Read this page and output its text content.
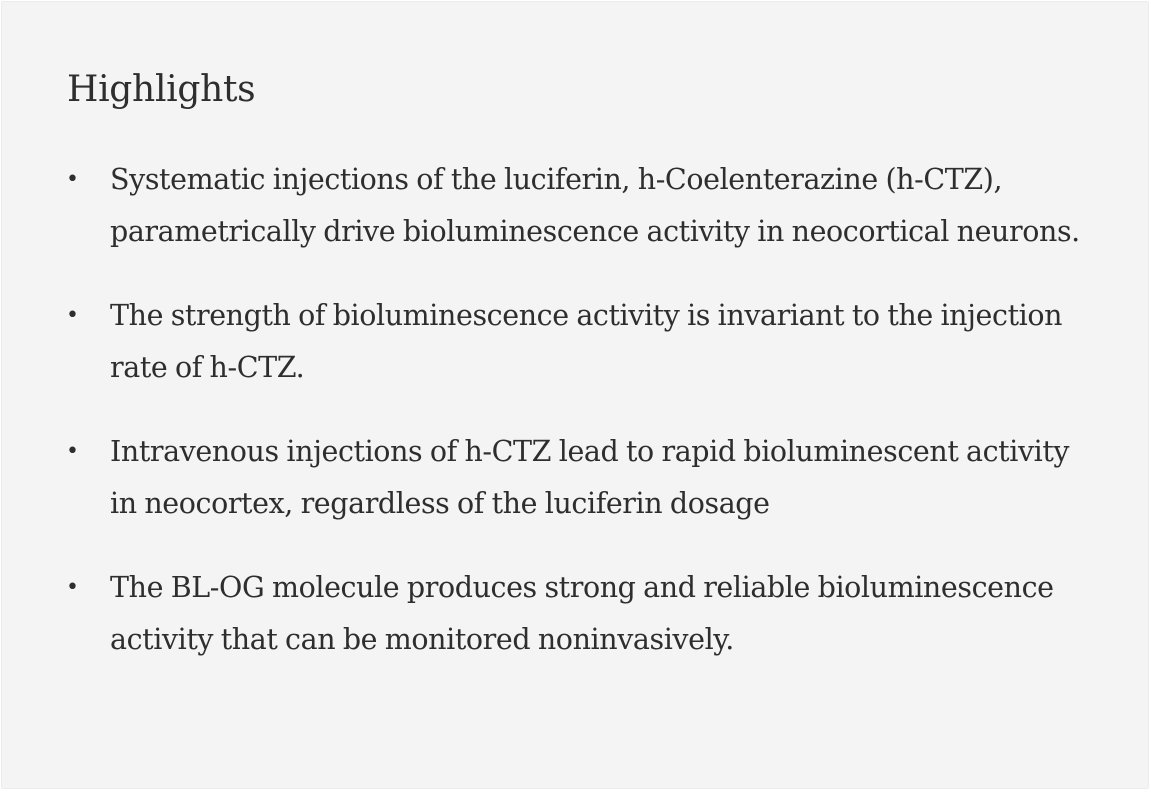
Highlights
• Systematic injections of the luciferin, h-Coelenterazine (h-CTZ), parametrically drive bioluminescence activity in neocortical neurons.
• The strength of bioluminescence activity is invariant to the injection rate of h-CTZ.
• Intravenous injections of h-CTZ lead to rapid bioluminescent activity in neocortex, regardless of the luciferin dosage
• The BL-OG molecule produces strong and reliable bioluminescence activity that can be monitored noninvasively.
